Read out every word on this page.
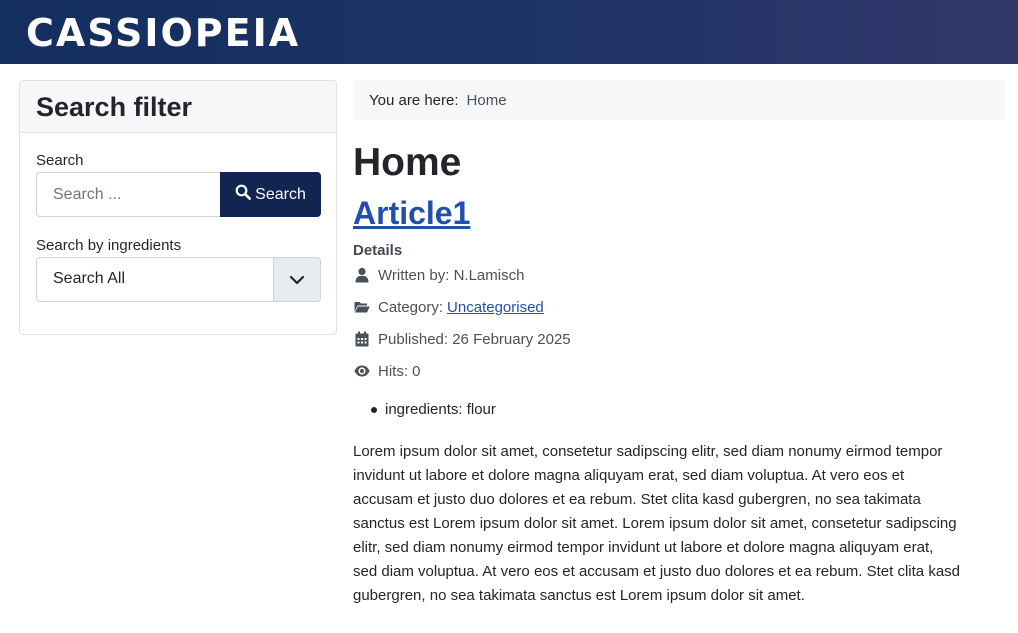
CASSIOPEIA
Search filter
Search
Search ...
Search
Search by ingredients
Search All
You are here: Home
Home
Article1
Details
Written by: N.Lamisch
Category: Uncategorised
Published: 26 February 2025
Hits: 0
ingredients: flour
Lorem ipsum dolor sit amet, consetetur sadipscing elitr, sed diam nonumy eirmod tempor
invidunt ut labore et dolore magna aliquyam erat, sed diam voluptua. At vero eos et
accusam et justo duo dolores et ea rebum. Stet clita kasd gubergren, no sea takimata
sanctus est Lorem ipsum dolor sit amet. Lorem ipsum dolor sit amet, consetetur sadipscing
elitr, sed diam nonumy eirmod tempor invidunt ut labore et dolore magna aliquyam erat,
sed diam voluptua. At vero eos et accusam et justo duo dolores et ea rebum. Stet clita kasd
gubergren, no sea takimata sanctus est Lorem ipsum dolor sit amet.
